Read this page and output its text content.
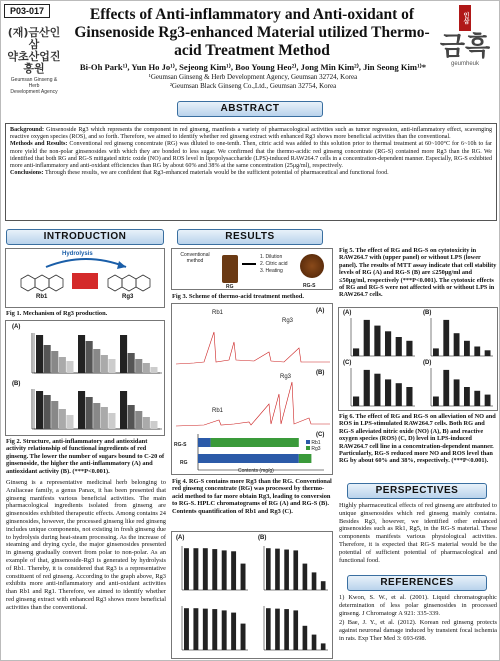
P03-017
(재)금산인삼
약초산업진흥원
Geumsan Ginseng & Herb
Development Agency
인삼
금흑
geumheuk
Effects of Anti-inflammatory and Anti-oxidant of Ginsenoside Rg3-enhanced Material utilized Thermo-acid Treatment Method
Bi-Oh Park¹⁾, Yun Ho Jo¹⁾, Sejeong Kim¹⁾, Boo Young Heo²⁾, Jong Min Kim²⁾, Jin Seong Kim¹⁾*
¹Geumsan Ginseng & Herb Development Agency, Geumsan 32724, Korea
²Geumsan Black Ginseng Co.,Ltd., Geumsan 32754, Korea
ABSTRACT

Background: Ginsenoside Rg3 which represents the component in red ginseng, manifests a variety of pharmacological activities such as tumor regression, anti-inflammatory effect, scavenging reactive oxygen species (ROS), and so forth. Therefore, we aimed to identify whether red ginseng extract with enhanced Rg3 shows more beneficial activities than the conventional.

Methods and Results: Conventional red ginseng concentrate (RG) was diluted to one-tenth. Then, citric acid was added to this solution prior to thermal treatment at 60~100°C for 6~10h to far more yield the non-polar ginsenosides with which they are bonded to less sugar. We confirmed that the thermo-acidic red ginseng concentrate (RG-S) contained more Rg3 than the RG. We identified that both RG and RG-S mitigated nitric oxide (NO) and ROS level in lipopolysaccharide (LPS)-induced RAW264.7 cells in a concentration-dependent manner. Especially, RG-S exhibited more anti-inflammatory and anti-oxidant efficiencies than RG by about 60% and 38% at the same concentration (25μg/ml), respectively.

Conclusions: Through these results, we are confident that Rg3-enhanced materials would be the sufficient potential of pharmaceutical and functional food.

INTRODUCTION
Hydrolysis
Rb1	Rg3
Fig 1. Mechanism of Rg3 production.
(A)
(B)
Fig 2. Structure, anti-inflammatory and antioxidant activity relationship of functional ingredients of red ginseng. The lower the number of sugars bound to C-20 of ginsenoside, the higher the anti-inflammatory (A) and antioxidant activity (B). (***P<0.001).
Ginseng is a representative medicinal herb belonging to Araliaceae family, a genus Panax, it has been presented that ginseng manifests various beneficial activities. The main pharmacological ingredients isolated from ginseng are ginsenosides exhibited therapeutic effects. Among contains 24 ginsenosides, however, the processed ginseng like red ginseng includes unique components, not existing in fresh ginseng due to hydrolysis during heat-steam processing. As the increase of steaming and drying cycle, the major ginsenosides presented in ginseng gradually convert from polar to non-polar. As an example of that, ginsenoside-Rg3 is generated by hydrolysis of Rb1. Thereby, it is considered that Rg3 is a representative constituent of red ginseng. According to the graph above, Rg3 exhibits more anti-inflammatory and anti-oxidant activities than Rb1 and Rg1. Therefore, we aimed to identify whether red ginseng extract with enhanced Rg3 shows more beneficial activities than the conventional.
RESULTS
Conventional method
1. Dilution
2. Citric acid
3. Heating
RG	RG-S
Fig 3. Scheme of thermo-acid treatment method.
(A)
Rb1
Rg3
(B)
Rg3
Rb1
(C)
RG-S
RG
Contents (mg/g)
Rb1
Rg3
Fig 4. RG-S contains more Rg3 than the RG. Conventional red ginseng concentrate (RG) was processed by thermo-acid method to far more obtain Rg3, leading to conversion to RG-S. HPLC chromatograms of RG (A) and RG-S (B). Contents quantification of Rb1 and Rg3 (C).
(A)	(B)
Fig 5. The effect of RG and RG-S on cytotoxicity in RAW264.7 with (upper panel) or without LPS (lower panel). The results of MTT assay indicate that cell stability levels of RG (A) and RG-S (B) are ≤250μg/ml and ≤50μg/ml, respectively (***P<0.001). The cytotoxic effects of RG and RG-S were not affected with or without LPS in RAW264.7 cells.
(A)	(B)
(C)	(D)
Fig 6. The effect of RG and RG-S on alleviation of NO and ROS in LPS-stimulated RAW264.7 cells. Both RG and RG-S alleviated nitric oxide (NO) (A), B) and reactive oxygen species (ROS) (C, D) level in LPS-induced RAW264.7 cell line in a concentration-dependent manner. Particularly, RG-S reduced more NO and ROS level than RG by about 60% and 38%, respectively. (***P<0.001).
PERSPECTIVES
Highly pharmaceutical effects of red ginseng are attributed to unique ginsenosides which red ginseng mainly contains. Besides Rg3, however, we identified other enhanced ginsenosides such as Rk1, Rg5, in the RG-S material. These components manifests various physiological activities. Therefore, it is expected that RG-S material would be the potential of sufficient potential of pharmacological and functional food.
REFERENCES
1) Kwon, S. W., et al. (2001). Liquid chromatographic determination of less polar ginsenosides in processed ginseng. J Chromatogr A 921: 335-339.
2) Bae, J. Y., et al. (2012). Korean red ginseng protects against neuronal damage induced by transient focal ischemia in rats. Exp Ther Med 3: 693-698.
